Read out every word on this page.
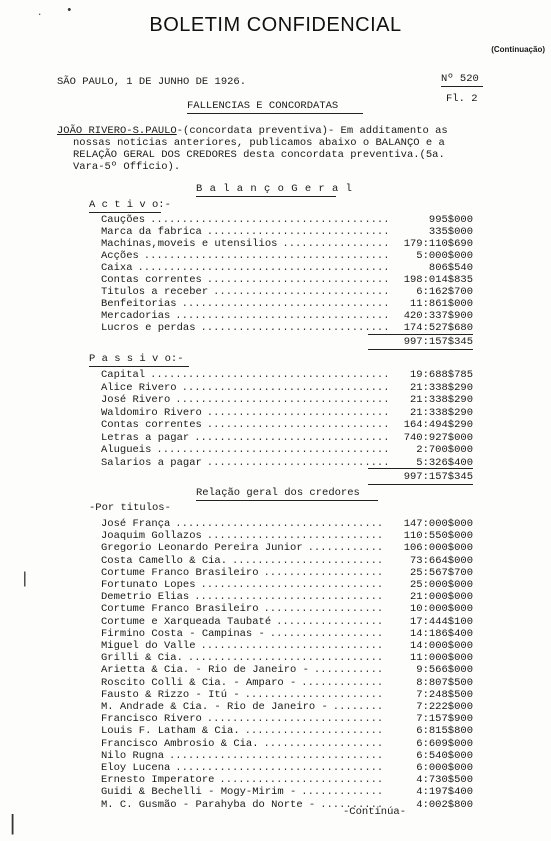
BOLETIM CONFIDENCIAL
(Continuação)
SÃO PAULO, 1 DE JUNHO DE 1926.	Nº 520
Fl. 2
FALLENCIAS E CONCORDATAS
JOÃO RIVERO-S.PAULO-(concordata preventiva)- Em additamento as
nossas noticias anteriores, publicamos abaixo o BALANÇO e a
RELAÇÃO GERAL DOS CREDORES desta concordata preventiva.(5a.
Vara-5º Officio).
B a l a n ç o G e r a l
A c t i v o:-
Cauções ......................................	995$000
Marca da fabrica .............................	335$000
Machinas,moveis e utensilios .................	179:110$690
Acções .......................................	5:000$000
Caixa ........................................	806$540
Contas correntes .............................	198:014$835
Titulos a receber ............................	6:162$700
Benfeitorias .................................	11:861$000
Mercadorias ..................................	420:337$900
Lucros e perdas ..............................	174:527$680
997:157$345
P a s s i v o:-
Capital ......................................	19:688$785
Alice Rivero .................................	21:338$290
José Rivero ..................................	21:338$290
Waldomiro Rivero .............................	21:338$290
Contas correntes .............................	164:494$290
Letras a pagar ...............................	740:927$000
Alugueis .....................................	2:700$000
Salarios a pagar .............................	5:326$400
997:157$345
Relação geral dos credores
-Por titulos-
José França ................................. 147:000$000
Joaquim Gollazos ............................ 110:550$000
Gregorio Leonardo Pereira Junior ............ 106:000$000
Costa Camello & Cia. ........................	73:664$000
Cortume Franco Brasileiro ...................	25:567$700
Fortunato Lopes .............................	25:000$000
Demetrio Elias ..............................	21:000$000
Cortume Franco Brasileiro ...................	10:000$000
Cortume e Xarqueada Taubaté .................	17:444$100
Firmino Costa - Campinas - ..................	14:186$400
Miguel do Valle .............................	14:000$000
Grilli & Cia. ...............................	11:000$000
Arietta & Cia. - Rio de Janeiro - ...........	9:566$000
Roscito Colli & Cia. - Amparo - .............	8:807$500
Fausto & Rizzo - Itú - ......................	7:248$500
M. Andrade & Cia. - Rio de Janeiro - ........	7:222$000
Francisco Rivero ............................	7:157$900
Louis F. Latham & Cia. ......................	6:815$800
Francisco Ambrosio & Cia. ...................	6:609$000
Nilo Rugna ..................................	6:540$000
Eloy Lucena .................................	6:000$000
Ernesto Imperatore ..........................	4:730$500
Guidi & Bechelli - Mogy-Mirim - .............	4:197$400
M. C. Gusmão - Parahyba do Norte - ..........	4:002$800
-Continúa-
· •
|
|
